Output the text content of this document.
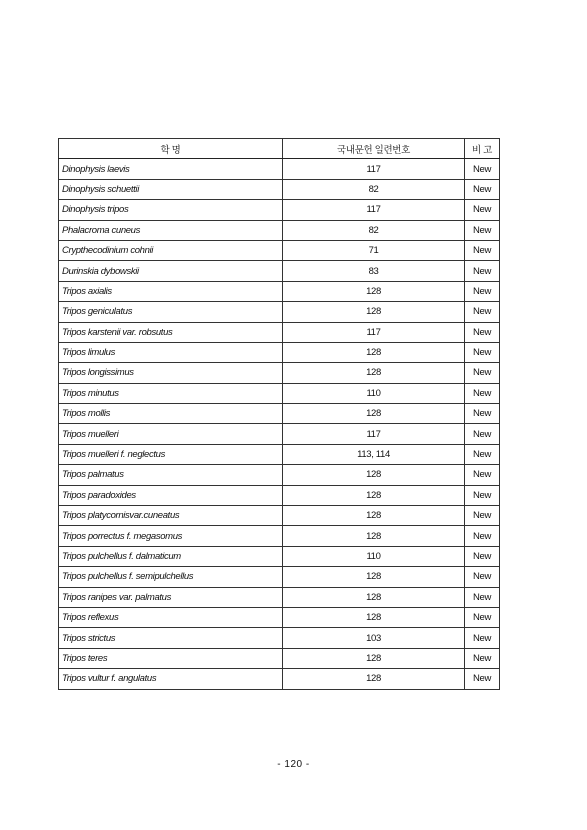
학 명	국내문헌 일련번호	비 고
Dinophysis laevis	117	New
Dinophysis schuettii	82	New
Dinophysis tripos	117	New
Phalacroma cuneus	82	New
Crypthecodinium cohnii	71	New
Durinskia dybowskii	83	New
Tripos axialis	128	New
Tripos geniculatus	128	New
Tripos karstenii var. robsutus	117	New
Tripos limulus	128	New
Tripos longissimus	128	New
Tripos minutus	110	New
Tripos mollis	128	New
Tripos muelleri	117	New
Tripos muelleri f. neglectus	113, 114	New
Tripos palmatus	128	New
Tripos paradoxides	128	New
Tripos platycornisvar.cuneatus	128	New
Tripos porrectus f. megasomus	128	New
Tripos pulchellus f. dalmaticum	110	New
Tripos pulchellus f. semipulchellus	128	New
Tripos ranipes var. palmatus	128	New
Tripos reflexus	128	New
Tripos strictus	103	New
Tripos teres	128	New
Tripos vultur f. angulatus	128	New
- 120 -
